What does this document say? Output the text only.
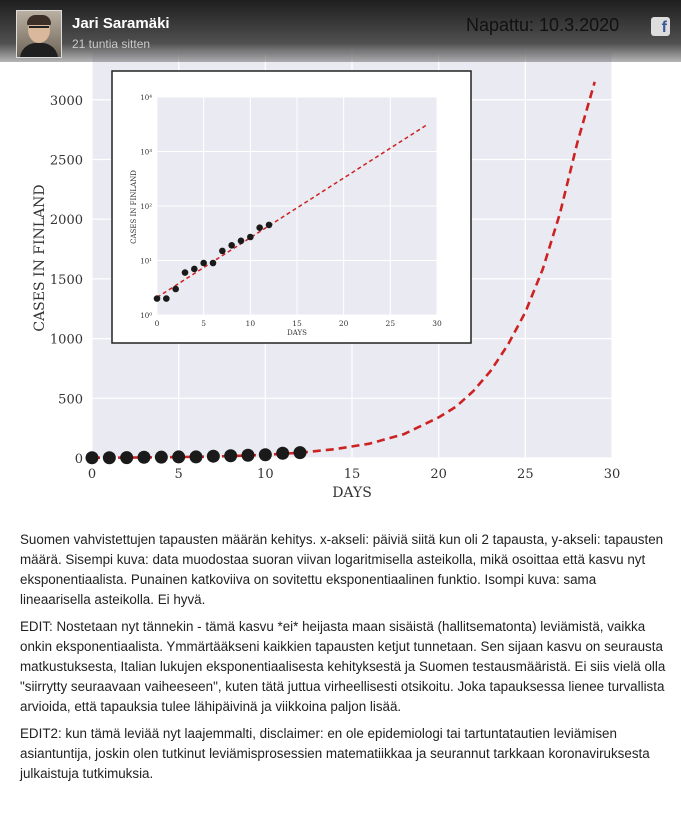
0
500
1000
1500
2000
2500
3000
0	5	10	15	20	25	30
DAYS
CASES IN FINLAND	10⁰
10¹
10²
10³
10⁴
0	5	10	15	20	25	30
DAYS
CASES IN FINLAND
Jari Saramäki
21 tuntia sitten
Napattu: 10.3.2020	f

Suomen vahvistettujen tapausten määrän kehitys. x-akseli: päiviä siitä kun oli 2 tapausta, y-akseli: tapausten määrä. Sisempi kuva: data muodostaa suoran viivan logaritmisella asteikolla, mikä osoittaa että kasvu nyt eksponentiaalista. Punainen katkoviiva on sovitettu eksponentiaalinen funktio. Isompi kuva: sama lineaarisella asteikolla. Ei hyvä.

EDIT: Nostetaan nyt tännekin - tämä kasvu *ei* heijasta maan sisäistä (hallitsematonta) leviämistä, vaikka onkin eksponentiaalista. Ymmärtääkseni kaikkien tapausten ketjut tunnetaan. Sen sijaan kasvu on seurausta matkustuksesta, Italian lukujen eksponentiaalisesta kehityksestä ja Suomen testausmääristä. Ei siis vielä olla "siirrytty seuraavaan vaiheeseen", kuten tätä juttua virheellisesti otsikoitu. Joka tapauksessa lienee turvallista arvioida, että tapauksia tulee lähipäivinä ja viikkoina paljon lisää.

EDIT2: kun tämä leviää nyt laajemmalti, disclaimer: en ole epidemiologi tai tartuntatautien leviämisen asiantuntija, joskin olen tutkinut leviämisprosessien matematiikkaa ja seurannut tarkkaan koronaviruksesta julkaistuja tutkimuksia.
